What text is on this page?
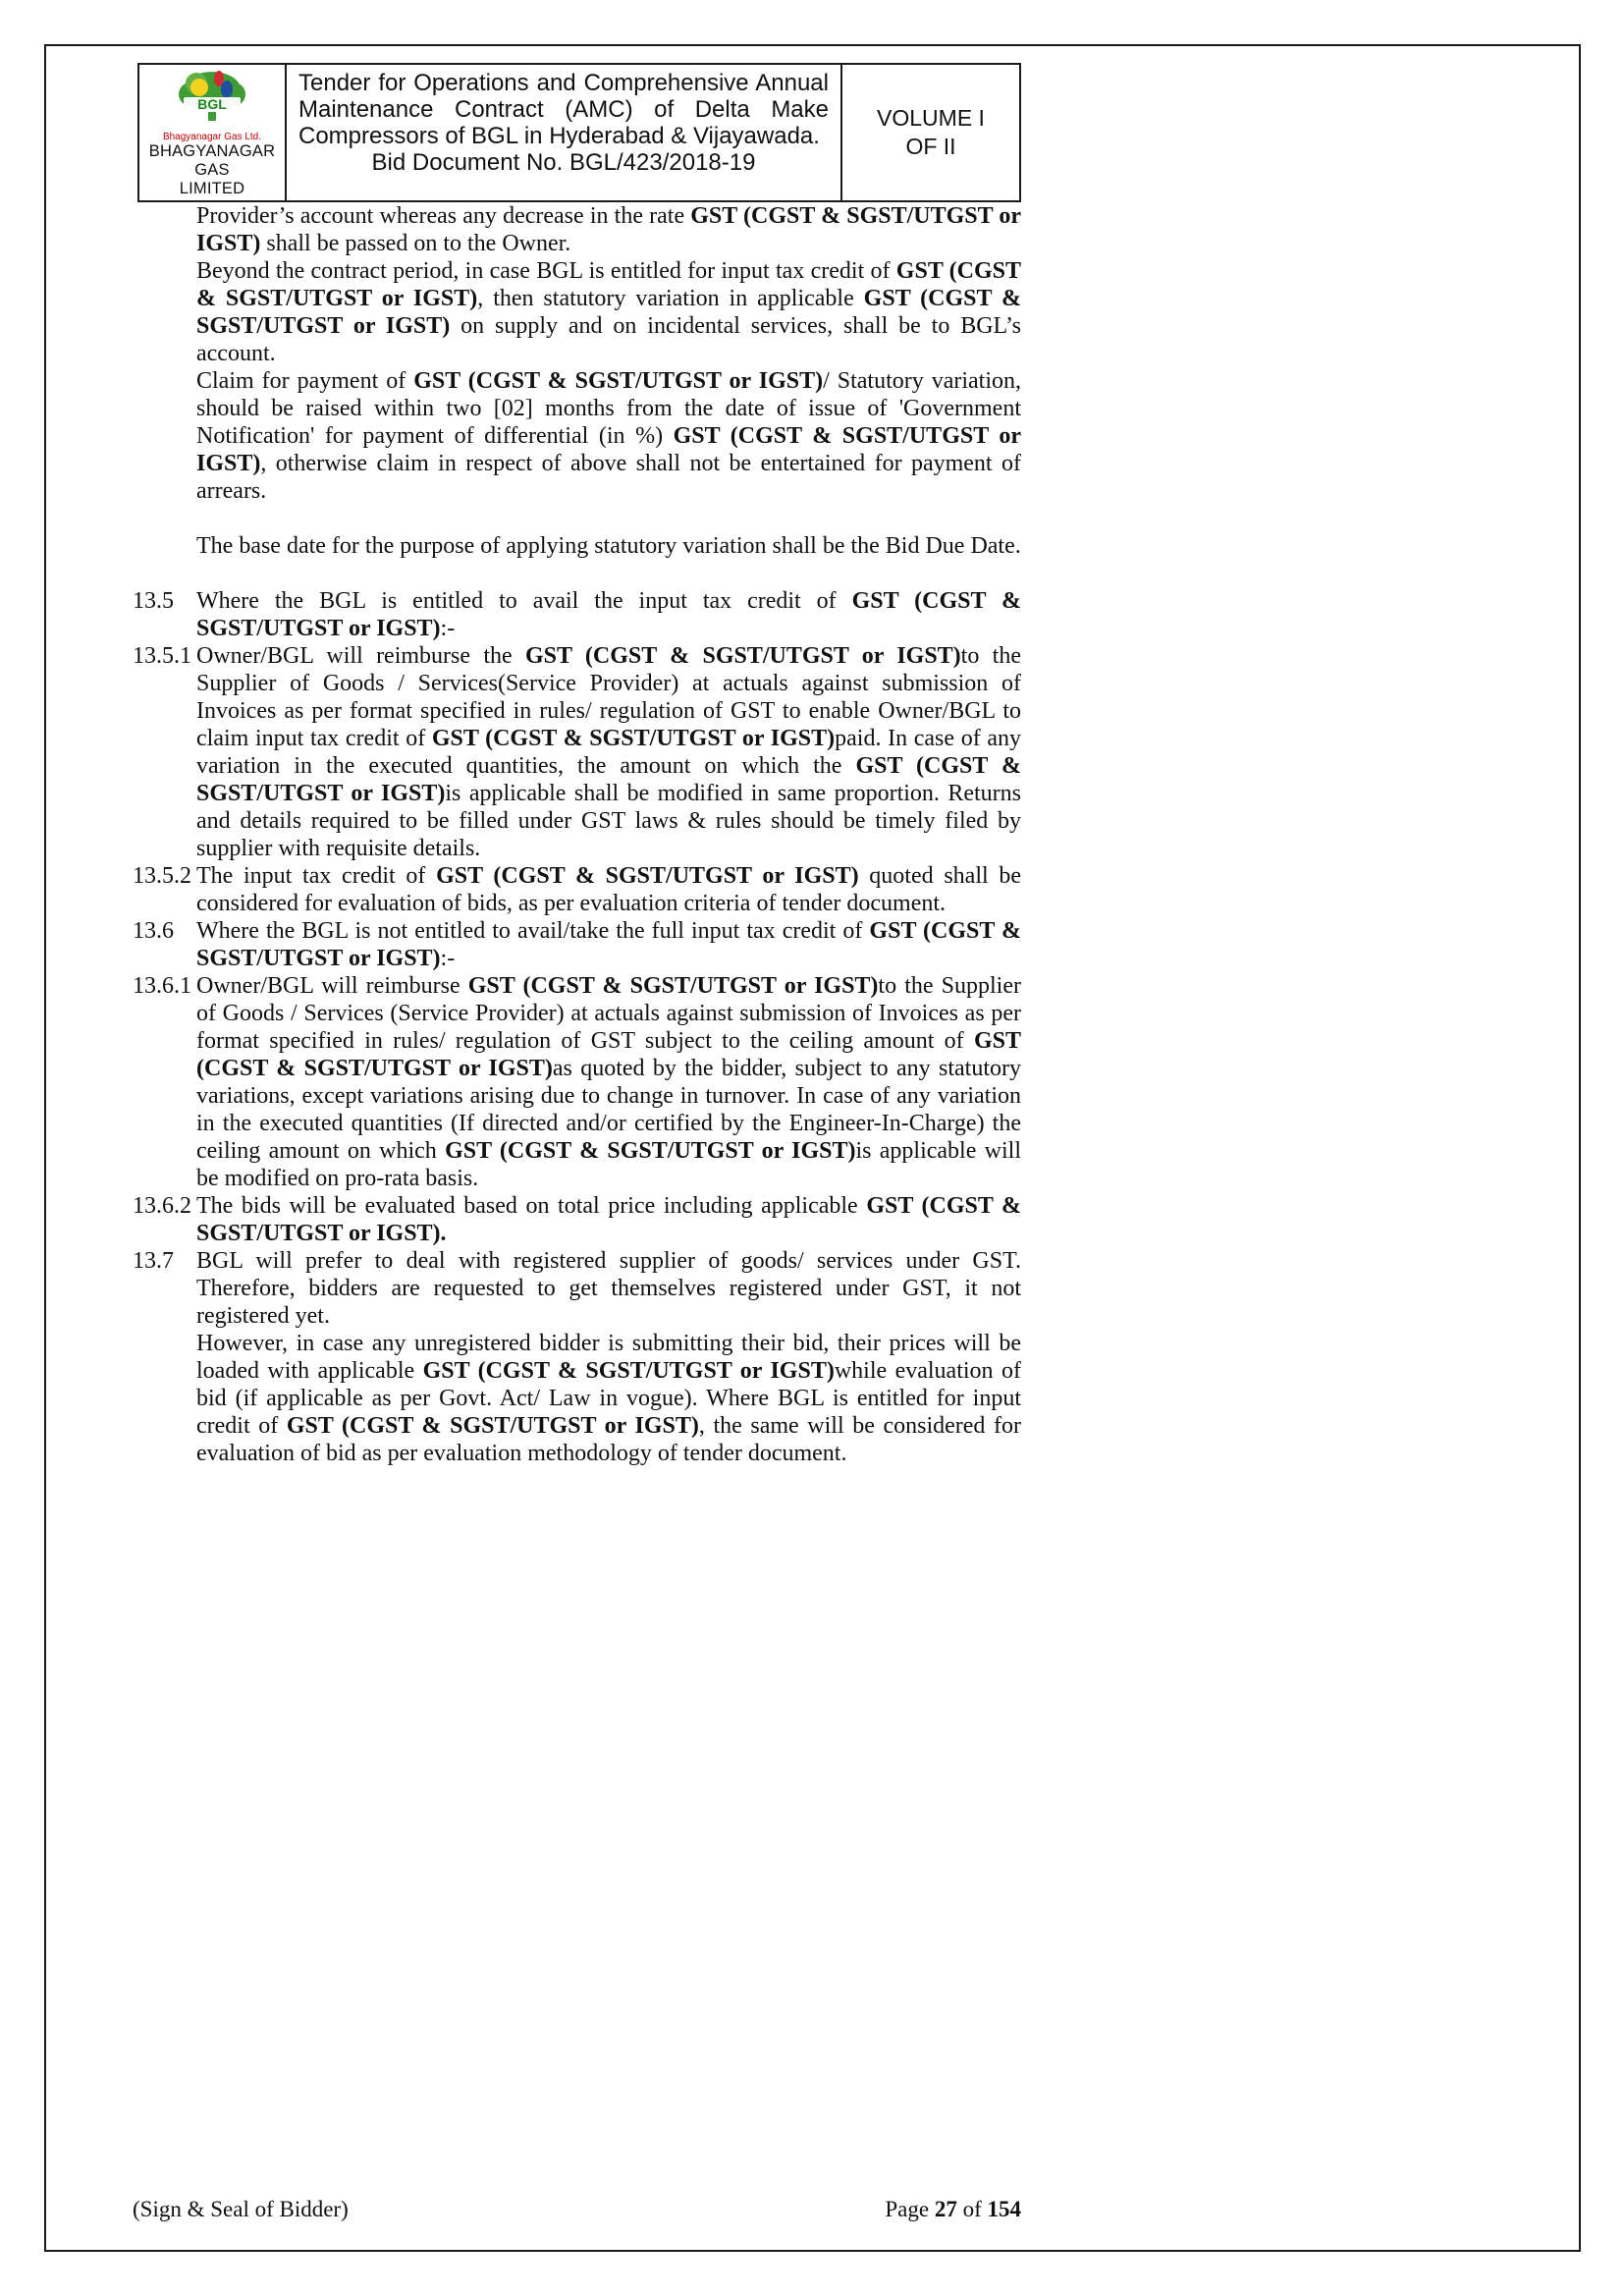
BGL
Bhagyanagar Gas Ltd.
BHAGYANAGAR GAS
LIMITED
Tender for Operations and Comprehensive Annual
Maintenance Contract (AMC) of Delta Make
Compressors of BGL in Hyderabad & Vijayawada.
Bid Document No. BGL/423/2018-19
VOLUME I
OF II
Provider’s account whereas any decrease in the rate GST (CGST & SGST/UTGST or IGST) shall be passed on to the Owner.
Beyond the contract period, in case BGL is entitled for input tax credit of GST (CGST & SGST/UTGST or IGST), then statutory variation in applicable GST (CGST & SGST/UTGST or IGST) on supply and on incidental services, shall be to BGL’s account.
Claim for payment of GST (CGST & SGST/UTGST or IGST)/ Statutory variation, should be raised within two [02] months from the date of issue of 'Government Notification' for payment of differential (in %) GST (CGST & SGST/UTGST or IGST), otherwise claim in respect of above shall not be entertained for payment of arrears.
The base date for the purpose of applying statutory variation shall be the Bid Due Date.
13.5 Where the BGL is entitled to avail the input tax credit of GST (CGST & SGST/UTGST or IGST):-
13.5.1 Owner/BGL will reimburse the GST (CGST & SGST/UTGST or IGST)to the Supplier of Goods / Services(Service Provider) at actuals against submission of Invoices as per format specified in rules/ regulation of GST to enable Owner/BGL to claim input tax credit of GST (CGST & SGST/UTGST or IGST)paid. In case of any variation in the executed quantities, the amount on which the GST (CGST & SGST/UTGST or IGST)is applicable shall be modified in same proportion. Returns and details required to be filled under GST laws & rules should be timely filed by supplier with requisite details.
13.5.2 The input tax credit of GST (CGST & SGST/UTGST or IGST) quoted shall be considered for evaluation of bids, as per evaluation criteria of tender document.
13.6 Where the BGL is not entitled to avail/take the full input tax credit of GST (CGST & SGST/UTGST or IGST):-
13.6.1 Owner/BGL will reimburse GST (CGST & SGST/UTGST or IGST)to the Supplier of Goods / Services (Service Provider) at actuals against submission of Invoices as per format specified in rules/ regulation of GST subject to the ceiling amount of GST (CGST & SGST/UTGST or IGST)as quoted by the bidder, subject to any statutory variations, except variations arising due to change in turnover. In case of any variation in the executed quantities (If directed and/or certified by the Engineer-In-Charge) the ceiling amount on which GST (CGST & SGST/UTGST or IGST)is applicable will be modified on pro-rata basis.
13.6.2 The bids will be evaluated based on total price including applicable GST (CGST & SGST/UTGST or IGST).
13.7 BGL will prefer to deal with registered supplier of goods/ services under GST. Therefore, bidders are requested to get themselves registered under GST, it not registered yet.
However, in case any unregistered bidder is submitting their bid, their prices will be loaded with applicable GST (CGST & SGST/UTGST or IGST)while evaluation of bid (if applicable as per Govt. Act/ Law in vogue). Where BGL is entitled for input credit of GST (CGST & SGST/UTGST or IGST), the same will be considered for evaluation of bid as per evaluation methodology of tender document.
(Sign & Seal of Bidder)	Page 27 of 154
